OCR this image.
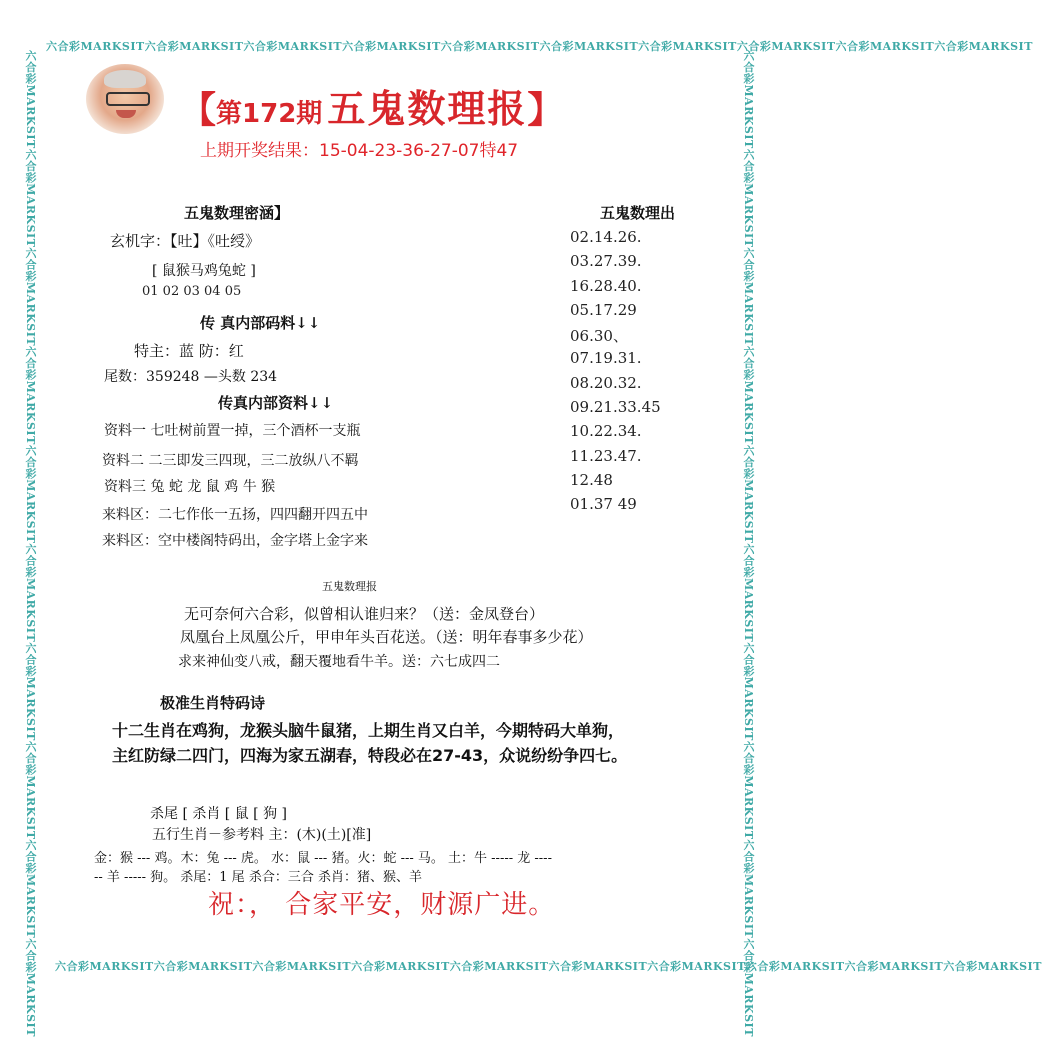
六合彩MARKSIT六合彩MARKSIT六合彩MARKSIT六合彩MARKSIT六合彩MARKSIT六合彩MARKSIT六合彩MARKSIT六合彩MARKSIT六合彩MARKSIT六合彩MARKSIT
六合彩MARKSIT六合彩MARKSIT六合彩MARKSIT六合彩MARKSIT六合彩MARKSIT六合彩MARKSIT六合彩MARKSIT六合彩MARKSIT六合彩MARKSIT六合彩MARKSIT
六合彩MARKSIT六合彩MARKSIT六合彩MARKSIT六合彩MARKSIT六合彩MARKSIT六合彩MARKSIT六合彩MARKSIT六合彩MARKSIT六合彩MARKSIT六合彩MARKSIT	六合彩MARKSIT六合彩MARKSIT六合彩MARKSIT六合彩MARKSIT六合彩MARKSIT六合彩MARKSIT六合彩MARKSIT六合彩MARKSIT六合彩MARKSIT六合彩MARKSIT
【第172期 五鬼数理报】
上期开奖结果：15-04-23-36-27-07特47
五鬼数理密涵】
玄机字：【吐】《吐绶》
[ 鼠猴马鸡兔蛇 ]
01 02 03 04 05
传 真内部码料↓↓
特主：蓝 防：红
尾数：359248 —头数 234
传真内部资料↓↓
资料一 七吐树前置一掉，三个酒杯一支瓶
资料二 二三即发三四现，三二放纵八不羁
资料三 兔 蛇 龙 鼠 鸡 牛 猴
来料区：二七作伥一五扬，四四翻开四五中
来料区：空中楼阁特码出，金字塔上金字来
五鬼数理出
02.14.26.
03.27.39.
16.28.40.
05.17.29
06.30、
07.19.31.
08.20.32.
09.21.33.45
10.22.34.
11.23.47.
12.48
01.37 49
五鬼数理报
无可奈何六合彩，似曾相认谁归来？（送：金凤登台）
凤凰台上凤凰公斤，甲申年头百花送。（送：明年春事多少花）
求来神仙变八戒，翻天覆地看牛羊。送：六七成四二
极准生肖特码诗
十二生肖在鸡狗，龙猴头脑牛鼠猪，上期生肖又白羊，今期特码大单狗，
主红防绿二四门，四海为家五湖春，特段必在27-43，众说纷纷争四七。
杀尾 [ 杀肖 [ 鼠 [ 狗 ]
五行生肖－参考料 主：(木)(土)[准]
金：猴 --- 鸡。木：兔 --- 虎。 水：鼠 --- 猪。火：蛇 --- 马。 土：牛 ----- 龙 ----
-- 羊 ----- 狗。 杀尾：1 尾 杀合：三合 杀肖：猪、猴、羊
祝：， 合家平安，财源广进。
